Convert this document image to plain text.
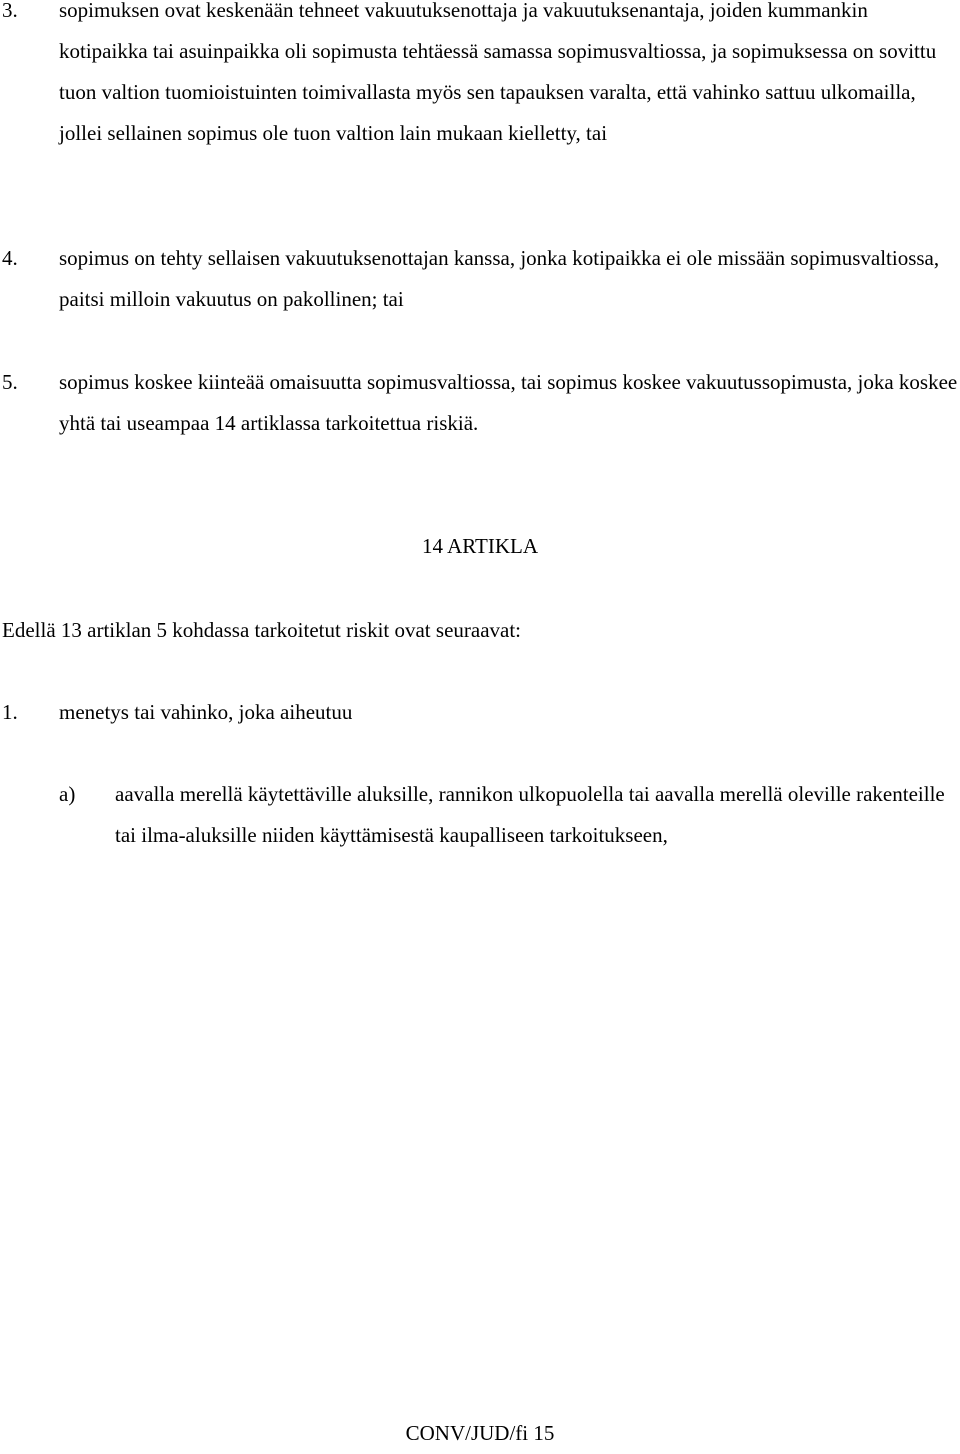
3. sopimuksen ovat keskenään tehneet vakuutuksenottaja ja vakuutuksenantaja, joiden kummankin kotipaikka tai asuinpaikka oli sopimusta tehtäessä samassa sopimusvaltiossa, ja sopimuksessa on sovittu tuon valtion tuomioistuinten toimivallasta myös sen tapauksen varalta, että vahinko sattuu ulkomailla, jollei sellainen sopimus ole tuon valtion lain mukaan kielletty, tai
4. sopimus on tehty sellaisen vakuutuksenottajan kanssa, jonka kotipaikka ei ole missään sopimusvaltiossa, paitsi milloin vakuutus on pakollinen; tai
5. sopimus koskee kiinteää omaisuutta sopimusvaltiossa, tai sopimus koskee vakuutussopimusta, joka koskee yhtä tai useampaa 14 artiklassa tarkoitettua riskiä.
14 ARTIKLA
Edellä 13 artiklan 5 kohdassa tarkoitetut riskit ovat seuraavat:
1. menetys tai vahinko, joka aiheutuu
a) aavalla merellä käytettäville aluksille, rannikon ulkopuolella tai aavalla merellä oleville rakenteille tai ilma-aluksille niiden käyttämisestä kaupalliseen tarkoitukseen,
CONV/JUD/fi 15
